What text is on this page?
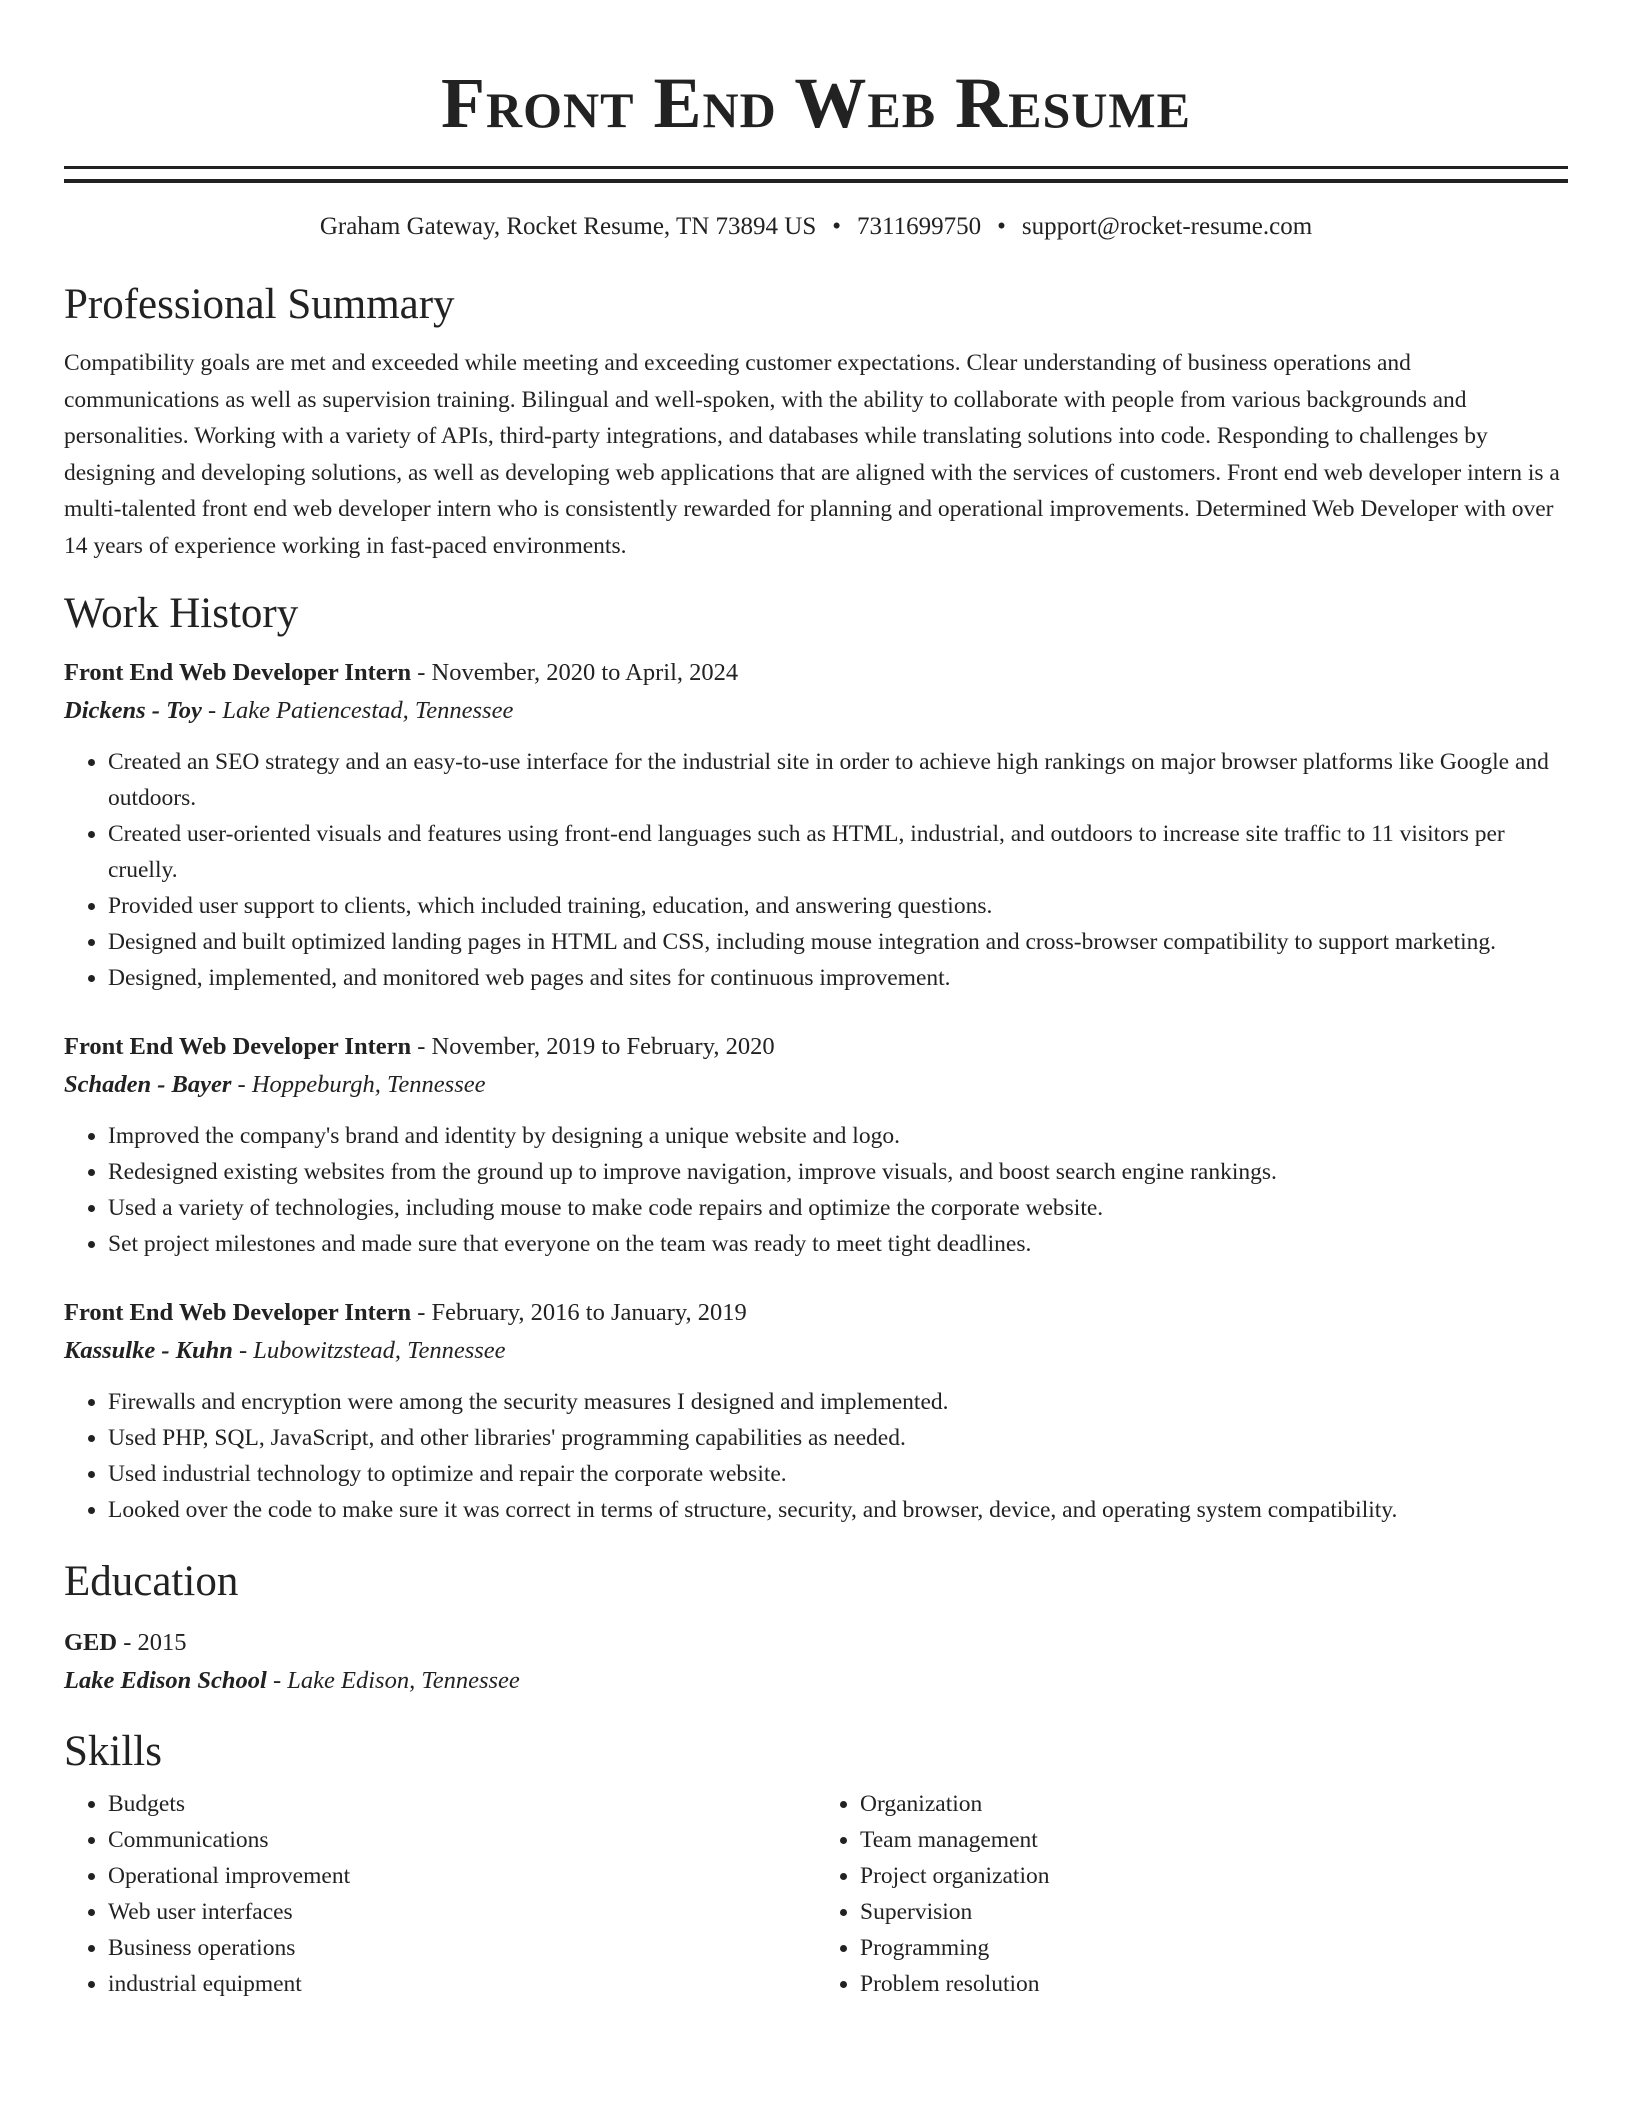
Front End Web Resume
Graham Gateway, Rocket Resume, TN 73894 US • 7311699750 • support@rocket-resume.com
Professional Summary

Compatibility goals are met and exceeded while meeting and exceeding customer expectations. Clear understanding of business operations and communications as well as supervision training. Bilingual and well-spoken, with the ability to collaborate with people from various backgrounds and personalities. Working with a variety of APIs, third-party integrations, and databases while translating solutions into code. Responding to challenges by designing and developing solutions, as well as developing web applications that are aligned with the services of customers. Front end web developer intern is a multi-talented front end web developer intern who is consistently rewarded for planning and operational improvements. Determined Web Developer with over 14 years of experience working in fast-paced environments.

Work History
Front End Web Developer Intern - November, 2020 to April, 2024
Dickens - Toy - Lake Patiencestad, Tennessee
• Created an SEO strategy and an easy-to-use interface for the industrial site in order to achieve high rankings on major browser platforms like Google and outdoors.
• Created user-oriented visuals and features using front-end languages such as HTML, industrial, and outdoors to increase site traffic to 11 visitors per cruelly.
• Provided user support to clients, which included training, education, and answering questions.
• Designed and built optimized landing pages in HTML and CSS, including mouse integration and cross-browser compatibility to support marketing.
• Designed, implemented, and monitored web pages and sites for continuous improvement.
Front End Web Developer Intern - November, 2019 to February, 2020
Schaden - Bayer - Hoppeburgh, Tennessee
• Improved the company's brand and identity by designing a unique website and logo.
• Redesigned existing websites from the ground up to improve navigation, improve visuals, and boost search engine rankings.
• Used a variety of technologies, including mouse to make code repairs and optimize the corporate website.
• Set project milestones and made sure that everyone on the team was ready to meet tight deadlines.
Front End Web Developer Intern - February, 2016 to January, 2019
Kassulke - Kuhn - Lubowitzstead, Tennessee
• Firewalls and encryption were among the security measures I designed and implemented.
• Used PHP, SQL, JavaScript, and other libraries' programming capabilities as needed.
• Used industrial technology to optimize and repair the corporate website.
• Looked over the code to make sure it was correct in terms of structure, security, and browser, device, and operating system compatibility.
Education
GED - 2015
Lake Edison School - Lake Edison, Tennessee
Skills
• Budgets
• Communications
• Operational improvement
• Web user interfaces
• Business operations
• industrial equipment
• Organization
• Team management
• Project organization
• Supervision
• Programming
• Problem resolution
